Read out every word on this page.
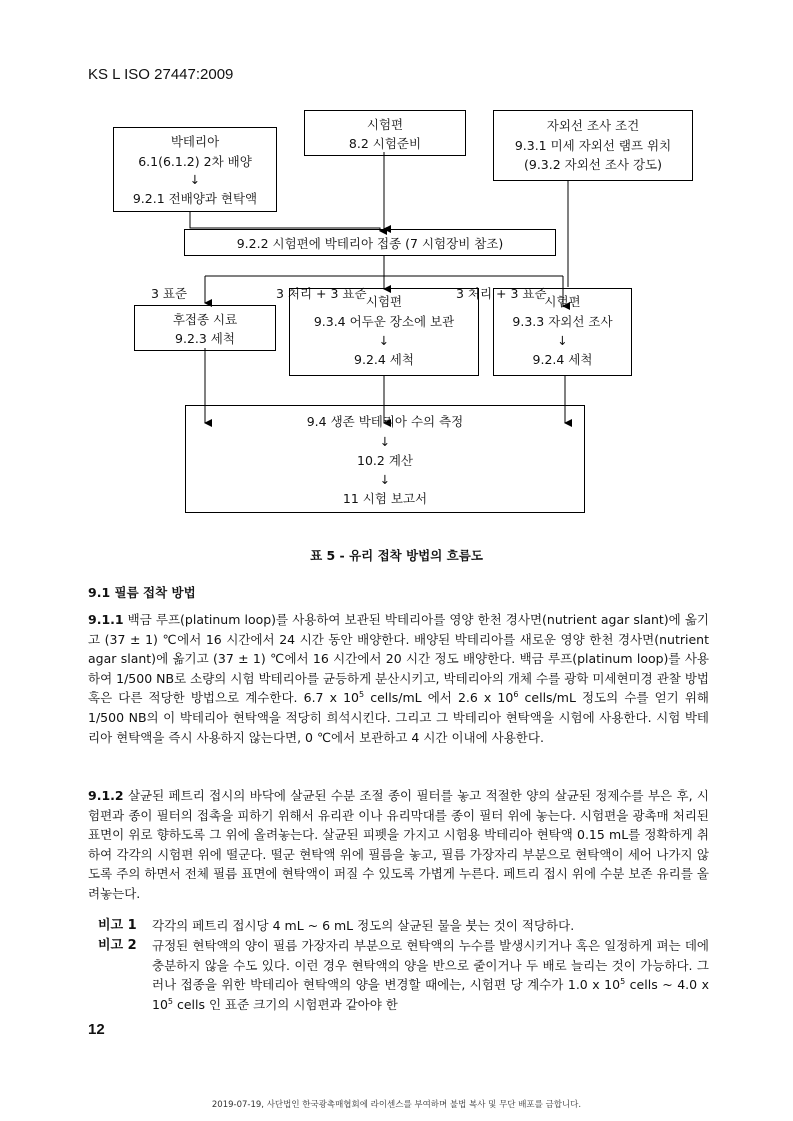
KS L ISO 27447:2009
박테리아
6.1(6.1.2) 2차 배양
↓
9.2.1 전배양과 현탁액
시험편
8.2 시험준비
자외선 조사 조건
9.3.1 미세 자외선 램프 위치
(9.3.2 자외선 조사 강도)
9.2.2 시험편에 박테리아 접종 (7 시험장비 참조)
3 표준	3 처리 + 3 표준	3 처리 + 3 표준
후접종 시료
9.2.3 세척
시험편
9.3.4 어두운 장소에 보관
↓
9.2.4 세척
시험편
9.3.3 자외선 조사
↓
9.2.4 세척
9.4 생존 박테리아 수의 측정
↓
10.2 계산
↓
11 시험 보고서
표 5 - 유리 접착 방법의 흐름도
9.1 필름 접착 방법
9.1.1 백금 루프(platinum loop)를 사용하여 보관된 박테리아를 영양 한천 경사면(nutrient agar slant)에 옮기고 (37 ± 1) ℃에서 16 시간에서 24 시간 동안 배양한다. 배양된 박테리아를 새로운 영양 한천 경사면(nutrient agar slant)에 옮기고 (37 ± 1) ℃에서 16 시간에서 20 시간 정도 배양한다. 백금 루프(platinum loop)를 사용하여 1/500 NB로 소량의 시험 박테리아를 균등하게 분산시키고, 박테리아의 개체 수를 광학 미세현미경 관찰 방법 혹은 다른 적당한 방법으로 계수한다. 6.7 x $10^5$ cells/mL 에서 2.6 x $10^6$ cells/mL 정도의 수를 얻기 위해 1/500 NB의 이 박테리아 현탁액을 적당히 희석시킨다. 그리고 그 박테리아 현탁액을 시험에 사용한다. 시험 박테리아 현탁액을 즉시 사용하지 않는다면, 0 ℃에서 보관하고 4 시간 이내에 사용한다.
9.1.2 살균된 페트리 접시의 바닥에 살균된 수분 조절 종이 필터를 놓고 적절한 양의 살균된 정제수를 부은 후, 시험편과 종이 필터의 접촉을 피하기 위해서 유리관 이나 유리막대를 종이 필터 위에 놓는다. 시험편을 광촉매 처리된 표면이 위로 향하도록 그 위에 올려놓는다. 살균된 피펫을 가지고 시험용 박테리아 현탁액 0.15 mL를 정확하게 취하여 각각의 시험편 위에 떨군다. 떨군 현탁액 위에 필름을 놓고, 필름 가장자리 부분으로 현탁액이 세어 나가지 않도록 주의 하면서 전체 필름 표면에 현탁액이 퍼질 수 있도록 가볍게 누른다. 페트리 접시 위에 수분 보존 유리를 올려놓는다.
비고 1 각각의 페트리 접시당 4 mL ~ 6 mL 정도의 살균된 물을 붓는 것이 적당하다.
비고 2 규정된 현탁액의 양이 필름 가장자리 부분으로 현탁액의 누수를 발생시키거나 혹은 일정하게 펴는 데에 충분하지 않을 수도 있다. 이런 경우 현탁액의 양을 반으로 줄이거나 두 배로 늘리는 것이 가능하다. 그러나 접종을 위한 박테리아 현탁액의 양을 변경할 때에는, 시험편 당 계수가 1.0 x $10^5$ cells ~ 4.0 x $10^5$ cells 인 표준 크기의 시험편과 같아야 한
12
2019-07-19, 사단법인 한국광촉매협회에 라이센스를 부여하며 불법 복사 및 무단 배포를 금합니다.
